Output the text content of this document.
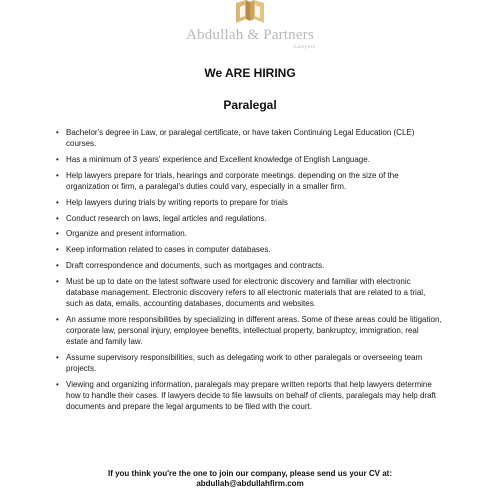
Abdullah & Partners
Lawyers
We ARE HIRING
Paralegal
• Bachelor's degree in Law, or paralegal certificate, or have taken Continuing Legal Education (CLE) courses.
• Has a minimum of 3 years' experience and Excellent knowledge of English Language.
• Help lawyers prepare for trials, hearings and corporate meetings. depending on the size of the organization or firm, a paralegal's duties could vary, especially in a smaller firm.
• Help lawyers during trials by writing reports to prepare for trials
• Conduct research on laws, legal articles and regulations.
• Organize and present information.
• Keep information related to cases in computer databases.
• Draft correspondence and documents, such as mortgages and contracts.
• Must be up to date on the latest software used for electronic discovery and familiar with electronic database management. Electronic discovery refers to all electronic materials that are related to a trial, such as data, emails, accounting databases, documents and websites.
• An assume more responsibilities by specializing in different areas. Some of these areas could be litigation, corporate law, personal injury, employee benefits, intellectual property, bankruptcy, immigration, real estate and family law.
• Assume supervisory responsibilities, such as delegating work to other paralegals or overseeing team projects.
• Viewing and organizing information, paralegals may prepare written reports that help lawyers determine how to handle their cases. If lawyers decide to file lawsuits on behalf of clients, paralegals may help draft documents and prepare the legal arguments to be filed with the court.
If you think you're the one to join our company, please send us your CV at:
abdullah@abdullahfirm.com
